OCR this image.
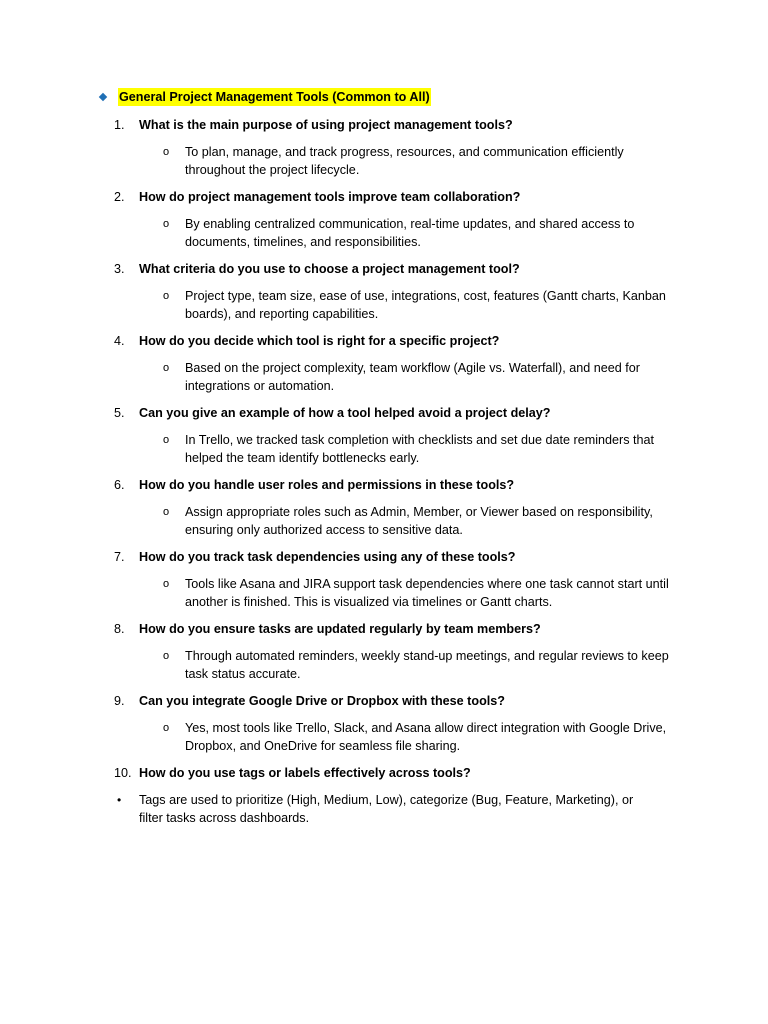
General Project Management Tools (Common to All)
1.	What is the main purpose of using project management tools?
o	To plan, manage, and track progress, resources, and communication efficiently throughout the project lifecycle.
2.	How do project management tools improve team collaboration?
o	By enabling centralized communication, real-time updates, and shared access to documents, timelines, and responsibilities.
3.	What criteria do you use to choose a project management tool?
o	Project type, team size, ease of use, integrations, cost, features (Gantt charts, Kanban boards), and reporting capabilities.
4.	How do you decide which tool is right for a specific project?
o	Based on the project complexity, team workflow (Agile vs. Waterfall), and need for integrations or automation.
5.	Can you give an example of how a tool helped avoid a project delay?
o	In Trello, we tracked task completion with checklists and set due date reminders that helped the team identify bottlenecks early.
6.	How do you handle user roles and permissions in these tools?
o	Assign appropriate roles such as Admin, Member, or Viewer based on responsibility, ensuring only authorized access to sensitive data.
7.	How do you track task dependencies using any of these tools?
o	Tools like Asana and JIRA support task dependencies where one task cannot start until another is finished. This is visualized via timelines or Gantt charts.
8.	How do you ensure tasks are updated regularly by team members?
o	Through automated reminders, weekly stand-up meetings, and regular reviews to keep task status accurate.
9.	Can you integrate Google Drive or Dropbox with these tools?
o	Yes, most tools like Trello, Slack, and Asana allow direct integration with Google Drive, Dropbox, and OneDrive for seamless file sharing.
10. How do you use tags or labels effectively across tools?
• Tags are used to prioritize (High, Medium, Low), categorize (Bug, Feature, Marketing), or filter tasks across dashboards.
